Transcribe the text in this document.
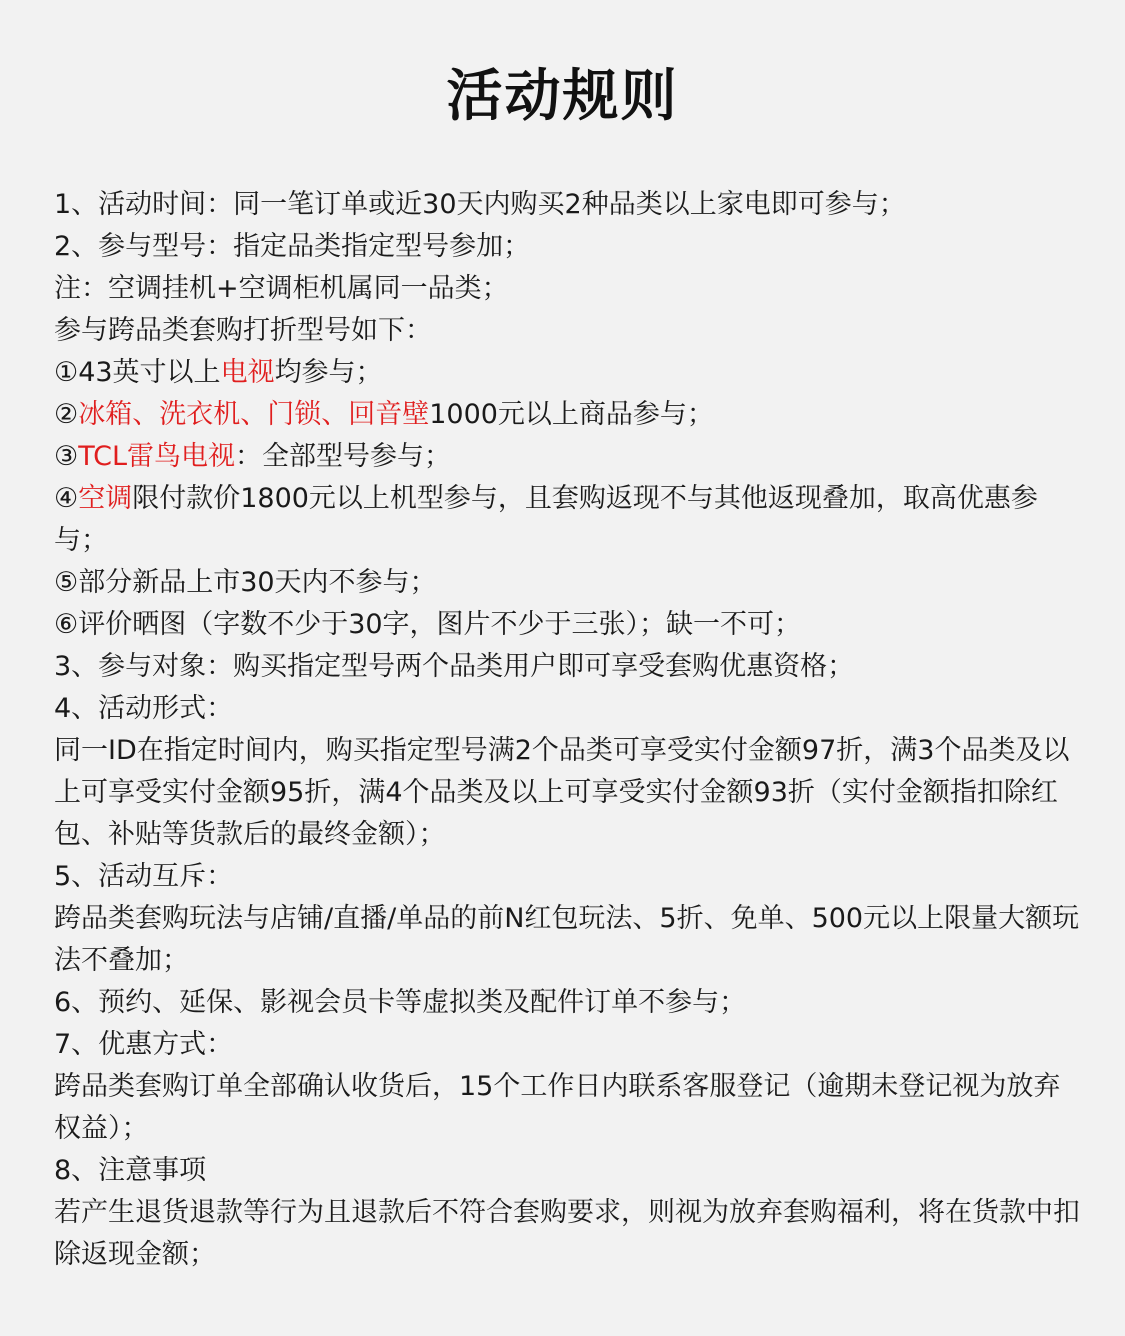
活动规则
1、活动时间：同一笔订单或近30天内购买2种品类以上家电即可参与；
2、参与型号：指定品类指定型号参加；
注：空调挂机+空调柜机属同一品类；
参与跨品类套购打折型号如下：
①43英寸以上电视均参与；
②冰箱、洗衣机、门锁、回音壁1000元以上商品参与；
③TCL雷鸟电视：全部型号参与；
④空调限付款价1800元以上机型参与，且套购返现不与其他返现叠加，取高优惠参与；
⑤部分新品上市30天内不参与；
⑥评价晒图（字数不少于30字，图片不少于三张）；缺一不可；
3、参与对象：购买指定型号两个品类用户即可享受套购优惠资格；
4、活动形式：
同一ID在指定时间内，购买指定型号满2个品类可享受实付金额97折，满3个品类及以上可享受实付金额95折，满4个品类及以上可享受实付金额93折（实付金额指扣除红包、补贴等货款后的最终金额）；
5、活动互斥：
跨品类套购玩法与店铺/直播/单品的前N红包玩法、5折、免单、500元以上限量大额玩法不叠加；
6、预约、延保、影视会员卡等虚拟类及配件订单不参与；
7、优惠方式：
跨品类套购订单全部确认收货后，15个工作日内联系客服登记（逾期未登记视为放弃权益）；
8、注意事项
若产生退货退款等行为且退款后不符合套购要求，则视为放弃套购福利，将在货款中扣除返现金额；
